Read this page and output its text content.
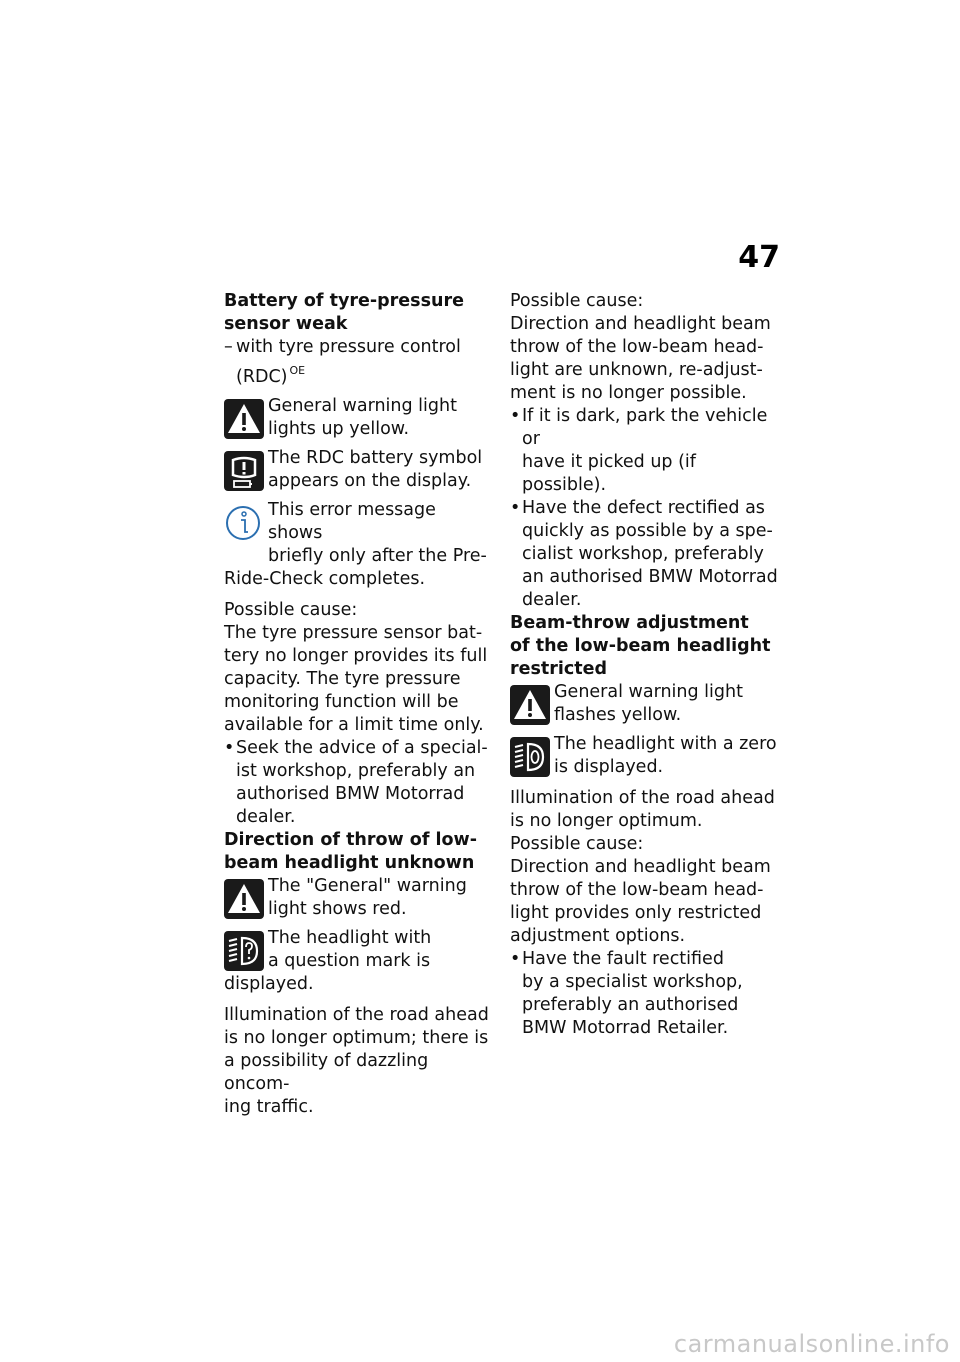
47

Battery of tyre-pressure
sensor weak

– with tyre pressure control
(RDC) $^{OE}$
General warning light
lights up yellow.
The RDC battery symbol
appears on the display.
This error message shows
briefly only after the Pre-
Ride-Check completes.
Possible cause:
The tyre pressure sensor bat-
tery no longer provides its full
capacity. The tyre pressure
monitoring function will be
available for a limit time only.
• Seek the advice of a special-
ist workshop, preferably an
authorised BMW Motorrad
dealer.

Direction of throw of low-
beam headlight unknown

The "General" warning
light shows red.
The headlight with
a question mark is
displayed.
Illumination of the road ahead
is no longer optimum; there is
a possibility of dazzling oncom-
ing traffic.
Possible cause:
Direction and headlight beam
throw of the low-beam head-
light are unknown, re-adjust-
ment is no longer possible.
• If it is dark, park the vehicle or
have it picked up (if possible).
• Have the defect rectified as
quickly as possible by a spe-
cialist workshop, preferably
an authorised BMW Motorrad
dealer.

Beam-throw adjustment
of the low-beam headlight
restricted

General warning light
flashes yellow.
The headlight with a zero
is displayed.
Illumination of the road ahead
is no longer optimum.
Possible cause:
Direction and headlight beam
throw of the low-beam head-
light provides only restricted
adjustment options.
• Have the fault rectified
by a specialist workshop,
preferably an authorised
BMW Motorrad Retailer.
carmanualsonline.info
